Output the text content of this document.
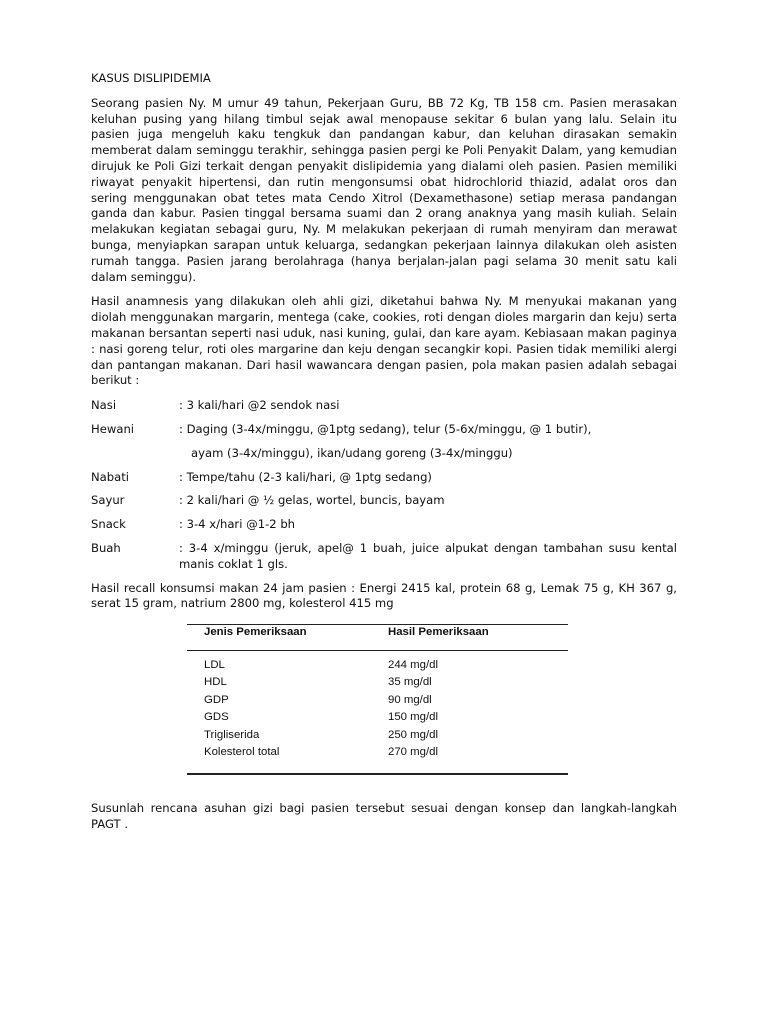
KASUS DISLIPIDEMIA
Seorang pasien Ny. M umur 49 tahun, Pekerjaan Guru, BB 72 Kg, TB 158 cm. Pasien merasakan keluhan pusing yang hilang timbul sejak awal menopause sekitar 6 bulan yang lalu. Selain itu pasien juga mengeluh kaku tengkuk dan pandangan kabur, dan keluhan dirasakan semakin memberat dalam seminggu terakhir, sehingga pasien pergi ke Poli Penyakit Dalam, yang kemudian dirujuk ke Poli Gizi terkait dengan penyakit dislipidemia yang dialami oleh pasien. Pasien memiliki riwayat penyakit hipertensi, dan rutin mengonsumsi obat hidrochlorid thiazid, adalat oros dan sering menggunakan obat tetes mata Cendo Xitrol (Dexamethasone) setiap merasa pandangan ganda dan kabur. Pasien tinggal bersama suami dan 2 orang anaknya yang masih kuliah. Selain melakukan kegiatan sebagai guru, Ny. M melakukan pekerjaan di rumah menyiram dan merawat bunga, menyiapkan sarapan untuk keluarga, sedangkan pekerjaan lainnya dilakukan oleh asisten rumah tangga. Pasien jarang berolahraga (hanya berjalan-jalan pagi selama 30 menit satu kali dalam seminggu).
Hasil anamnesis yang dilakukan oleh ahli gizi, diketahui bahwa Ny. M menyukai makanan yang diolah menggunakan margarin, mentega (cake, cookies, roti dengan dioles margarin dan keju) serta makanan bersantan seperti nasi uduk, nasi kuning, gulai, dan kare ayam. Kebiasaan makan paginya : nasi goreng telur, roti oles margarine dan keju dengan secangkir kopi. Pasien tidak memiliki alergi dan pantangan makanan. Dari hasil wawancara dengan pasien, pola makan pasien adalah sebagai berikut :
Nasi	: 3 kali/hari @2 sendok nasi
Hewani	: Daging (3-4x/minggu, @1ptg sedang), telur (5-6x/minggu, @ 1 butir),
ayam (3-4x/minggu), ikan/udang goreng (3-4x/minggu)
Nabati	: Tempe/tahu (2-3 kali/hari, @ 1ptg sedang)
Sayur	: 2 kali/hari @ ½ gelas, wortel, buncis, bayam
Snack	: 3-4 x/hari @1-2 bh
Buah	: 3-4 x/minggu (jeruk, apel@ 1 buah, juice alpukat dengan tambahan susu kental manis coklat 1 gls.
Hasil recall konsumsi makan 24 jam pasien : Energi 2415 kal, protein 68 g, Lemak 75 g, KH 367 g, serat 15 gram, natrium 2800 mg, kolesterol 415 mg
Jenis Pemeriksaan	Hasil Pemeriksaan
LDL	244 mg/dl
HDL	35 mg/dl
GDP	90 mg/dl
GDS	150 mg/dl
Trigliserida	250 mg/dl
Kolesterol total	270 mg/dl
Susunlah rencana asuhan gizi bagi pasien tersebut sesuai dengan konsep dan langkah-langkah PAGT .
